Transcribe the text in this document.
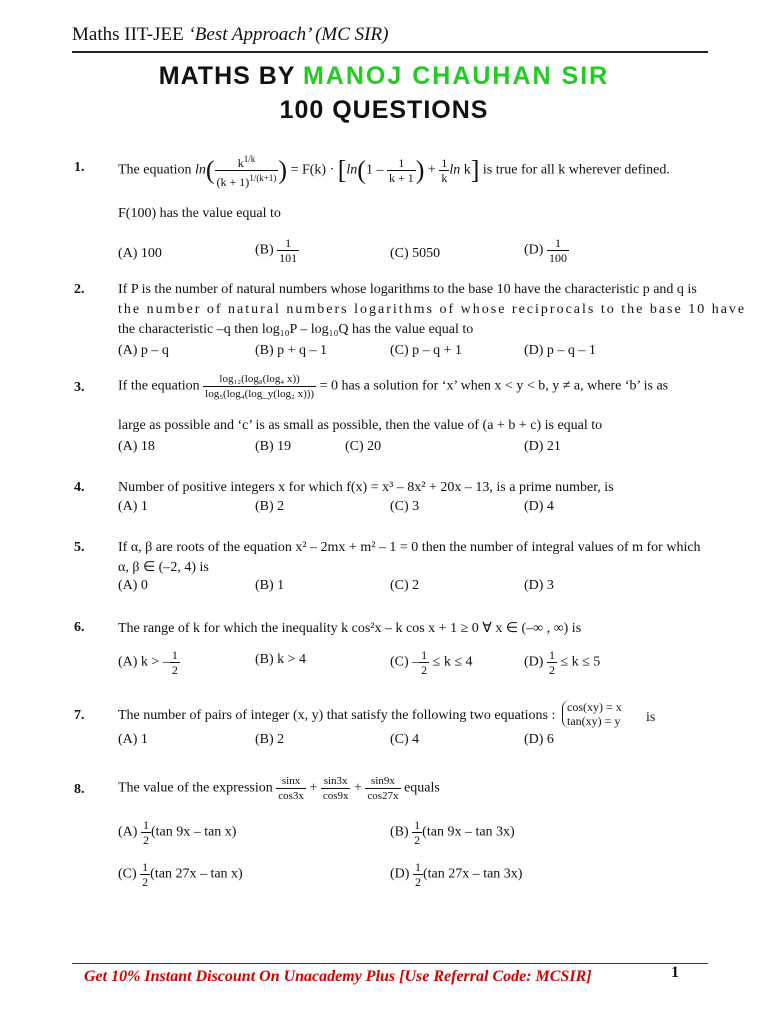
Maths IIT-JEE ‘Best Approach’ (MC SIR)
MATHS BY MANOJ CHAUHAN SIR
100 QUESTIONS
1. The equation $\ln( \frac{k^{1/k}}{(k + 1)^{1/(k+1)}}$ ) = $F(k) \cdot [\ln(1 - \frac{1}{k + 1}$ ) + $\frac{1}{k}$ ln k] is true for all k wherever defined.
F(100) has the value equal to
(A) 100	$(B) \frac{1}{101}$	(C) 5050	$(D) \frac{1}{100}$
2. If P is the number of natural numbers whose logarithms to the base 10 have the characteristic p and q is
the number of natural numbers logarithms of whose reciprocals to the base 10 have
the characteristic –q then log₁₀P – log₁₀Q has the value equal to
(A) p – q	(B) p + q – 1	(C) p – q + 1	(D) p – q – 1
3. If the equation $\frac{\text{log₁₂(log₈(log₄ x))}}{\text{log₅(log₄(log\_y(log₂ x)))}} = 0$ has a solution for ‘x’ when x < y < b, y ≠ a, where ‘b’ is as
large as possible and ‘c’ is as small as possible, then the value of (a + b + c) is equal to
(A) 18	(B) 19	(C) 20	(D) 21
4. Number of positive integers x for which f(x) = x³ – 8x² + 20x – 13, is a prime number, is
(A) 1	(B) 2	(C) 3	(D) 4
5. If α, β are roots of the equation x² – 2mx + m² – 1 = 0 then the number of integral values of m for which
α, β ∈ (–2, 4) is
(A) 0	(B) 1	(C) 2	(D) 3
6. The range of k for which the inequality k cos²x – k cos x + 1 ≥ 0 ∀ x ∈ (–∞ , ∞) is
(A) k > – $\frac{1}{2}$	(B) k > 4	$(C) - \frac{1}{2} \le k \le 4$	$(D) \frac{1}{2} \le k \le 5$
7. The number of pairs of integer (x, y) that satisfy the following two equations :
cos(xy) = x
tan(xy) = y is
(A) 1	(B) 2	(C) 4	(D) 6
8. The value of the expression $\frac{\sin x}{\cos 3x} + \frac{\sin 3x}{\cos 9x} + \frac{\sin 9x}{\cos 27x}$ equals
$(A) \frac{1}{2} (\tan$ 9x – tan x)	$(B) \frac{1}{2} (\tan$ 9x – tan 3x)
$(C) \frac{1}{2} (\tan$ 27x – tan x)	$(D) \frac{1}{2} (\tan$ 27x – tan 3x)
Get 10% Instant Discount On Unacademy Plus [Use Referral Code: MCSIR]	1
